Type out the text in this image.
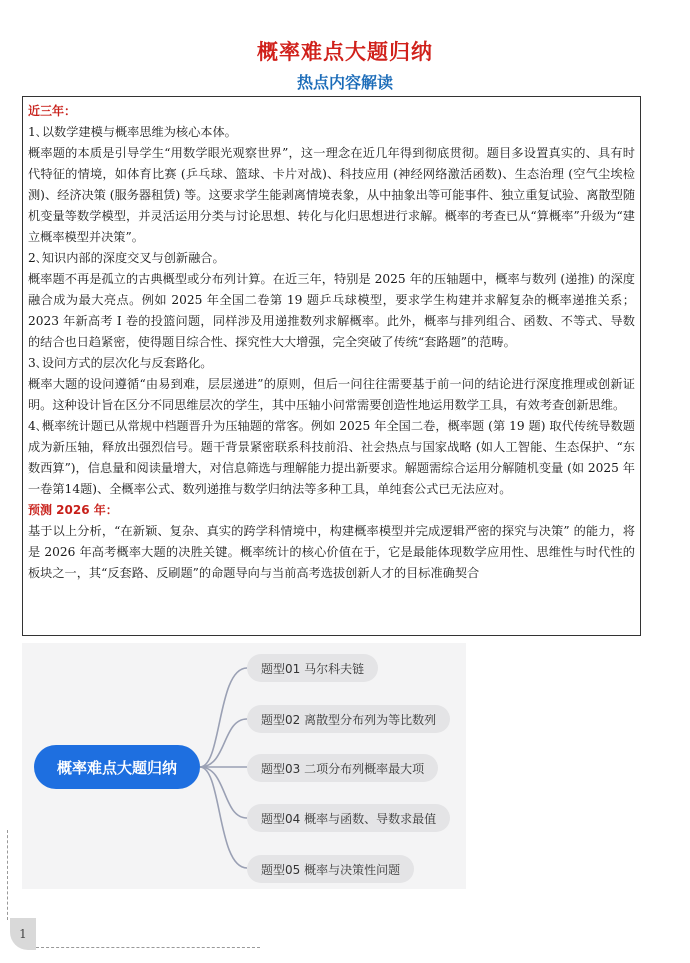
概率难点大题归纳
热点内容解读

近三年：

1､以数学建模与概率思维为核心本体。

概率题的本质是引导学生“用数学眼光观察世界”，这一理念在近几年得到彻底贯彻。题目多设置真实的、具有时代特征的情境，如体育比赛 (乒乓球、篮球、卡片对战)、科技应用 (神经网络激活函数)、生态治理 (空气尘埃检测)、经济决策 (服务器租赁) 等。这要求学生能剥离情境表象，从中抽象出等可能事件、独立重复试验、离散型随机变量等数学模型，并灵活运用分类与讨论思想、转化与化归思想进行求解。概率的考查已从“算概率”升级为“建立概率模型并决策”。

2､知识内部的深度交叉与创新融合。

概率题不再是孤立的古典概型或分布列计算。在近三年，特别是 2025 年的压轴题中，概率与数列 (递推) 的深度融合成为最大亮点。例如 2025 年全国二卷第 19 题乒乓球模型，要求学生构建并求解复杂的概率递推关系；2023 年新高考 I 卷的投篮问题，同样涉及用递推数列求解概率。此外，概率与排列组合、函数、不等式、导数的结合也日趋紧密，使得题目综合性、探究性大大增强，完全突破了传统“套路题”的范畴。

3､设问方式的层次化与反套路化。

概率大题的设问遵循“由易到难，层层递进”的原则，但后一问往往需要基于前一问的结论进行深度推理或创新证明。这种设计旨在区分不同思维层次的学生，其中压轴小问常需要创造性地运用数学工具，有效考查创新思维。

4､概率统计题已从常规中档题晋升为压轴题的常客。例如 2025 年全国二卷，概率题 (第 19 题) 取代传统导数题成为新压轴，释放出强烈信号。题干背景紧密联系科技前沿、社会热点与国家战略 (如人工智能、生态保护、“东数西算”)，信息量和阅读量增大，对信息筛选与理解能力提出新要求。解题需综合运用分解随机变量 (如 2025 年一卷第14题)、全概率公式、数列递推与数学归纳法等多种工具，单纯套公式已无法应对。

预测 2026 年：

基于以上分析，“在新颖、复杂、真实的跨学科情境中，构建概率模型并完成逻辑严密的探究与决策” 的能力，将是 2026 年高考概率大题的决胜关键。概率统计的核心价值在于，它是最能体现数学应用性、思维性与时代性的板块之一，其“反套路、反刷题”的命题导向与当前高考选拔创新人才的目标准确契合

概率难点大题归纳
题型01 马尔科夫链
题型02 离散型分布列为等比数列
题型03 二项分布列概率最大项
题型04 概率与函数、导数求最值
题型05 概率与决策性问题
1
